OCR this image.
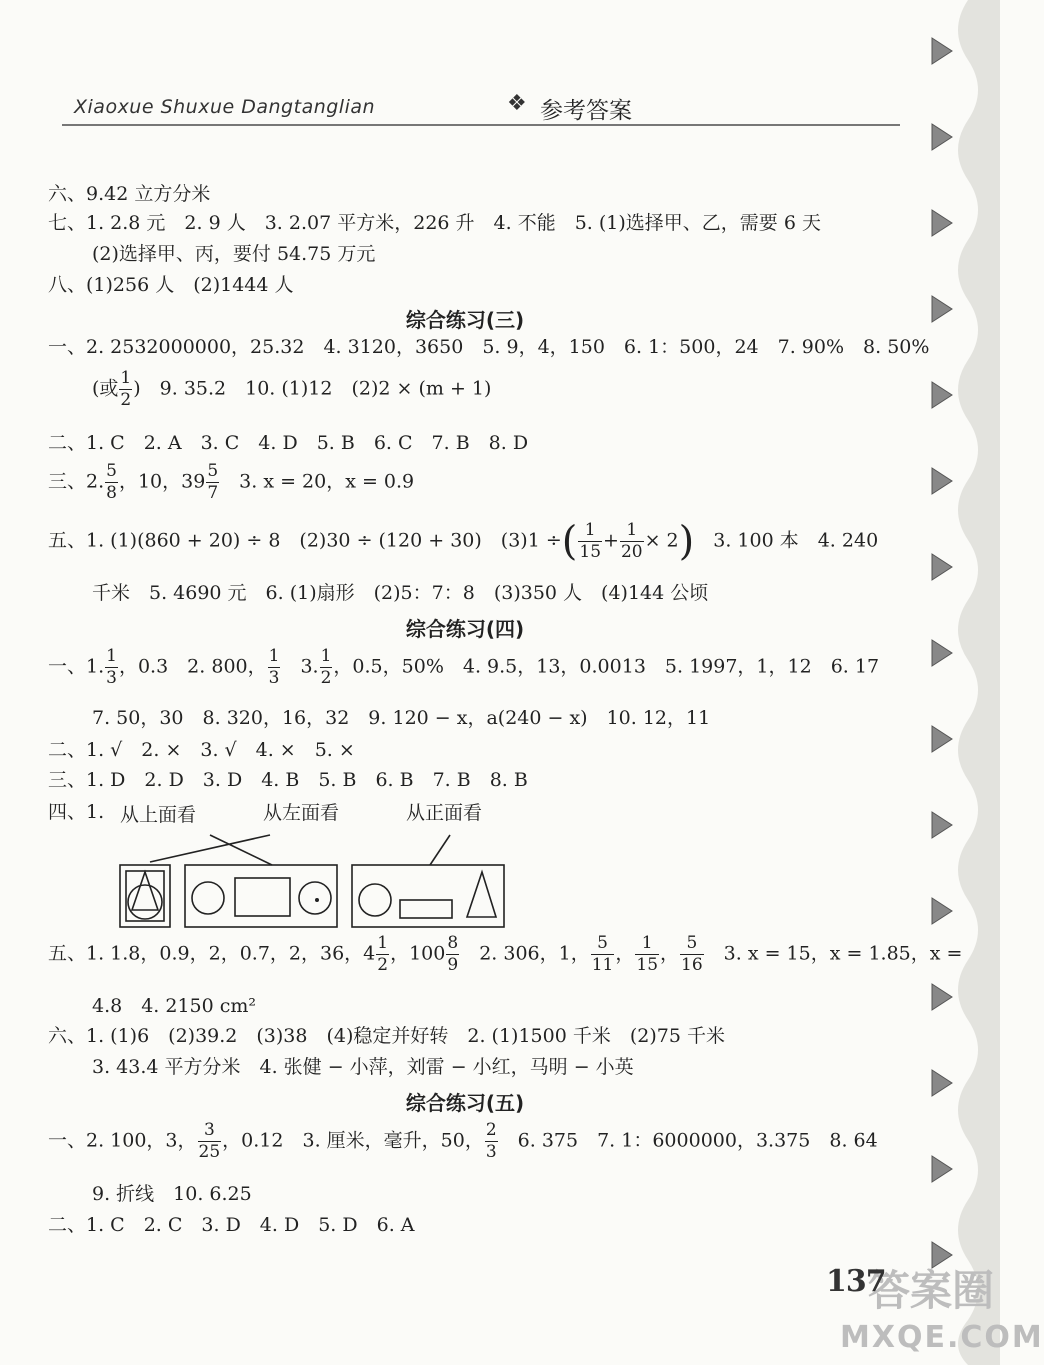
Xiaoxue Shuxue Dangtanglian	❖ 参考答案
六、9.42 立方分米
七、1. 2.8 元　2. 9 人　3. 2.07 平方米，226 升　4. 不能　5. (1)选择甲、乙，需要 6 天
(2)选择甲、丙，要付 54.75 万元
八、(1)256 人　(2)1444 人
综合练习(三)
一、2. 2532000000，25.32　4. 3120，3650　5. 9，4，150　6. 1：500，24　7. 90%　8. 50%
(或 $\frac{1}{2}$ )　9. 35.2　10. (1)12　(2)2 × (m + 1)
二、1. C　2. A　3. C　4. D　5. B　6. C　7. B　8. D
三、2. $\frac{5}{8}$ ，10，$39 \frac{5}{7}$ 　3. x = 20，x = 0.9
五、1. (1)(860 + 20) ÷ 8　(2)30 ÷ (120 + 30)　(3)1 ÷( $\frac{1}{15} + \frac{1}{20} \times 2$)　3. 100 本　4. 240
千米　5. 4690 元　6. (1)扇形　(2)5：7：8　(3)350 人　(4)144 公顷
综合练习(四)
一、1. $\frac{1}{3}$ ，0.3　2. 800， $\frac{1}{3}$ 　3. $\frac{1}{2}$ ，0.5，50%　4. 9.5，13，0.0013　5. 1997，1，12　6. 17
7. 50，30　8. 320，16，32　9. 120 − x，a(240 − x)　10. 12，11
二、1. √　2. ×　3. √　4. ×　5. ×
三、1. D　2. D　3. D　4. B　5. B　6. B　7. B　8. B
四、1. 从上面看	从左面看	从正面看
五、1. 1.8，0.9，2，0.7，2，36，$4 \frac{1}{2}$ ，$100 \frac{8}{9}$ 　2. 306，1， $\frac{5}{11}$ ， $\frac{1}{15}$ ， $\frac{5}{16}$ 　3. x = 15，x = 1.85，x =
4.8　4. 2150 cm²
六、1. (1)6　(2)39.2　(3)38　(4)稳定并好转　2. (1)1500 千米　(2)75 千米
3. 43.4 平方分米　4. 张健 − 小萍，刘雷 − 小红，马明 − 小英
综合练习(五)
一、2. 100，3， $\frac{3}{25}$ ，0.12　3. 厘米，毫升，50， $\frac{2}{3}$ 　6. 375　7. 1：6000000，3.375　8. 64
9. 折线　10. 6.25
二、1. C　2. C　3. D　4. D　5. D　6. A
答案圈
MXQE.COM
137
